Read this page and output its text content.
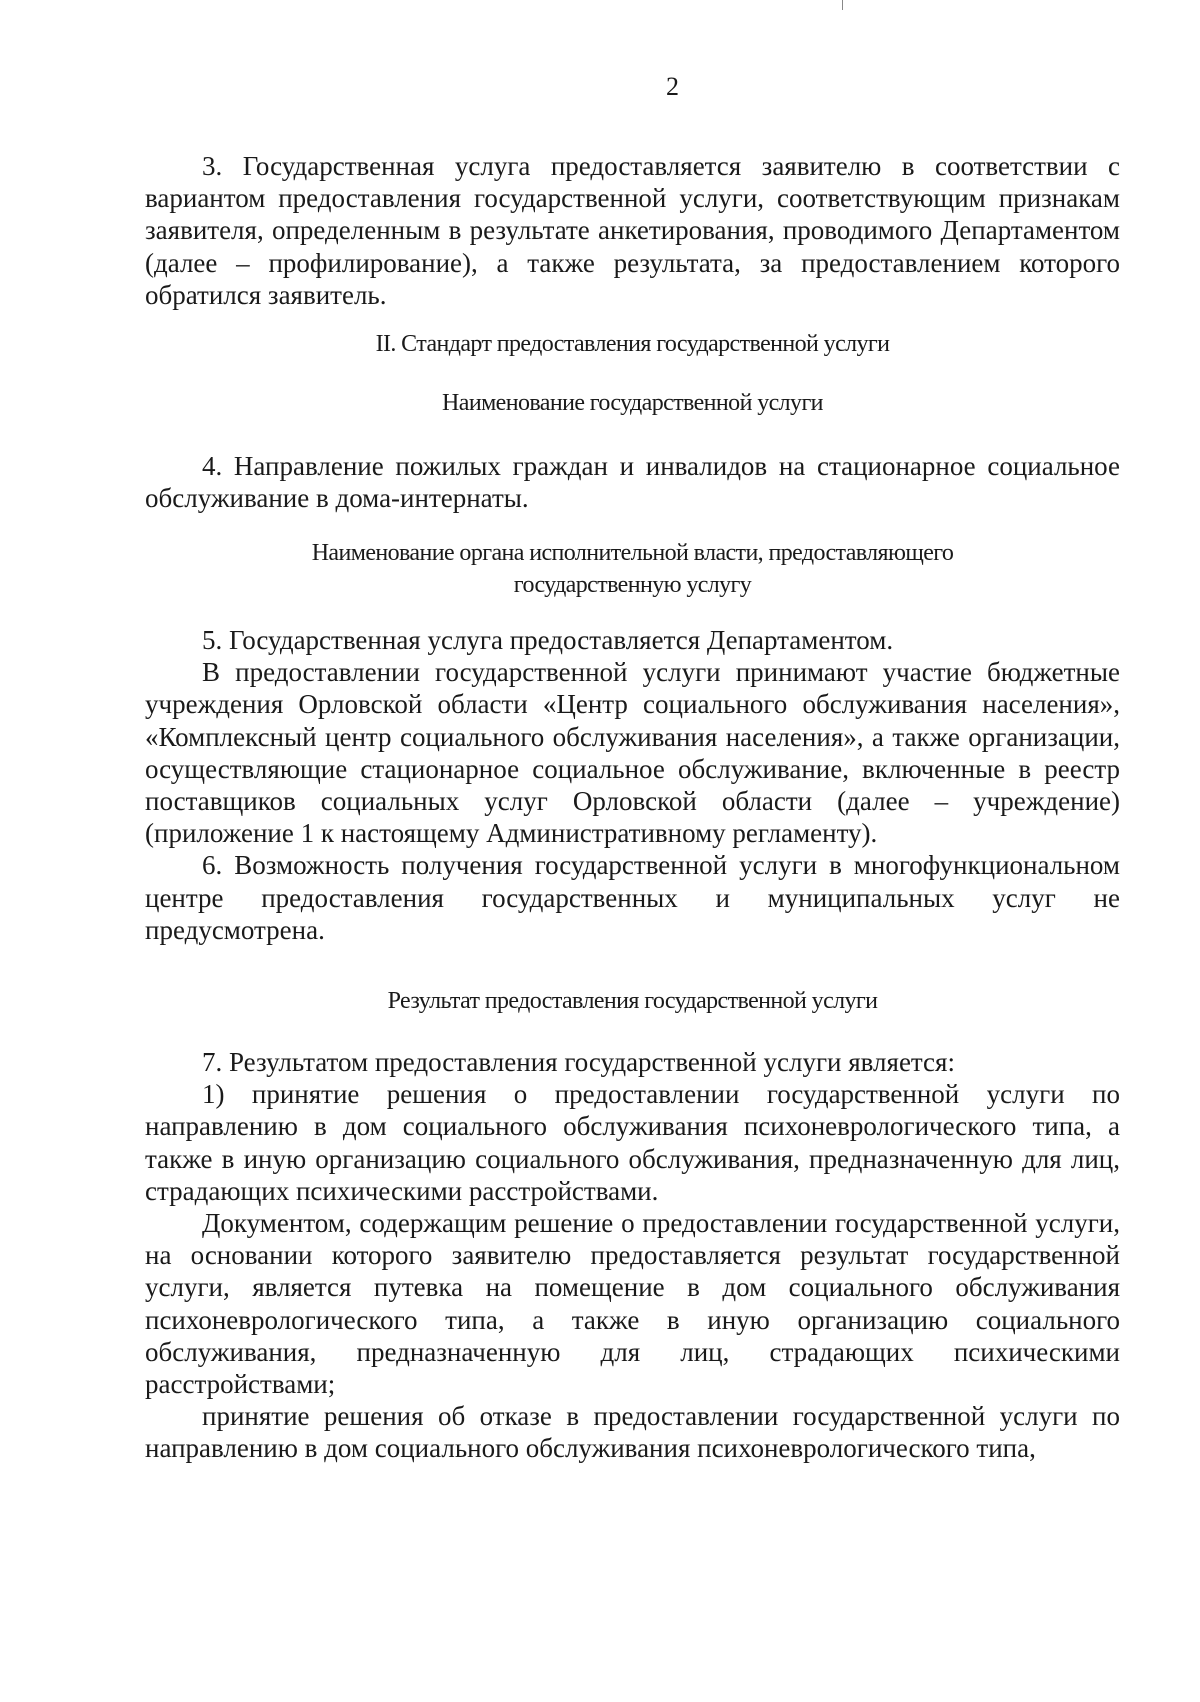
2

3. Государственная услуга предоставляется заявителю в соответствии с вариантом предоставления государственной услуги, соответствующим признакам заявителя, определенным в результате анкетирования, проводимого Департаментом (далее – профилирование), а также результата, за предоставлением которого обратился заявитель.

II. Стандарт предоставления государственной услуги
Наименование государственной услуги

4. Направление пожилых граждан и инвалидов на стационарное социальное обслуживание в дома-интернаты.

Наименование органа исполнительной власти, предоставляющего
государственную услугу

5. Государственная услуга предоставляется Департаментом.

В предоставлении государственной услуги принимают участие бюджетные учреждения Орловской области «Центр социального обслуживания населения», «Комплексный центр социального обслуживания населения», а также организации, осуществляющие стационарное социальное обслуживание, включенные в реестр поставщиков социальных услуг Орловской области (далее – учреждение) (приложение 1 к настоящему Административному регламенту).

6. Возможность получения государственной услуги в многофункциональном центре предоставления государственных и муниципальных услуг не предусмотрена.

Результат предоставления государственной услуги

7. Результатом предоставления государственной услуги является:

1) принятие решения о предоставлении государственной услуги по направлению в дом социального обслуживания психоневрологического типа, а также в иную организацию социального обслуживания, предназначенную для лиц, страдающих психическими расстройствами.

Документом, содержащим решение о предоставлении государственной услуги, на основании которого заявителю предоставляется результат государственной услуги, является путевка на помещение в дом социального обслуживания психоневрологического типа, а также в иную организацию социального обслуживания, предназначенную для лиц, страдающих психическими расстройствами;

принятие решения об отказе в предоставлении государственной услуги по направлению в дом социального обслуживания психоневрологического типа,
